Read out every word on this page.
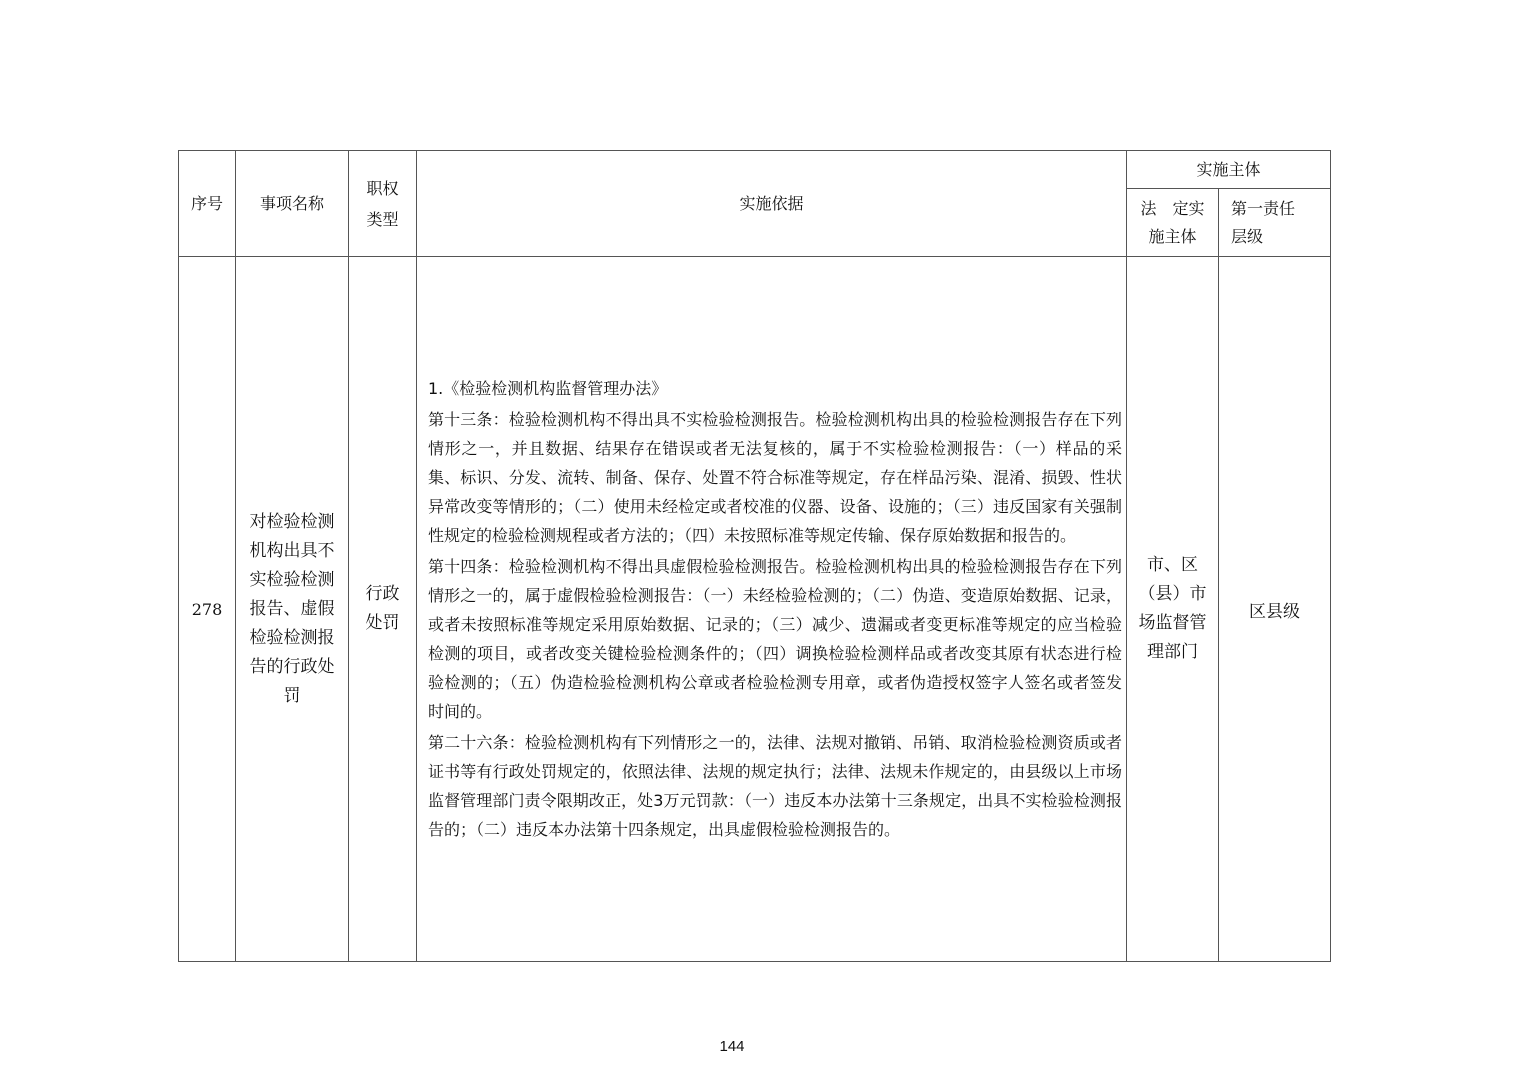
序号	事项名称	职权类型	实施依据	实施主体	
				法　定实施主体	第一责任层级
278	对检验检测机构出具不实检验检测报告、虚假检验检测报告的行政处罚	行政处罚	1.《检验检测机构监督管理办法》

第十三条：检验检测机构不得出具不实检验检测报告。检验检测机构出具的检验检测报告存在下列情形之一，并且数据、结果存在错误或者无法复核的，属于不实检验检测报告：（一）样品的采集、标识、分发、流转、制备、保存、处置不符合标准等规定，存在样品污染、混淆、损毁、性状异常改变等情形的；（二）使用未经检定或者校准的仪器、设备、设施的；（三）违反国家有关强制性规定的检验检测规程或者方法的；（四）未按照标准等规定传输、保存原始数据和报告的。

第十四条：检验检测机构不得出具虚假检验检测报告。检验检测机构出具的检验检测报告存在下列情形之一的，属于虚假检验检测报告：（一）未经检验检测的；（二）伪造、变造原始数据、记录，或者未按照标准等规定采用原始数据、记录的；（三）减少、遗漏或者变更标准等规定的应当检验检测的项目，或者改变关键检验检测条件的；（四）调换检验检测样品或者改变其原有状态进行检验检测的；（五）伪造检验检测机构公章或者检验检测专用章，或者伪造授权签字人签名或者签发时间的。

第二十六条：检验检测机构有下列情形之一的，法律、法规对撤销、吊销、取消检验检测资质或者证书等有行政处罚规定的，依照法律、法规的规定执行；法律、法规未作规定的，由县级以上市场监督管理部门责令限期改正，处3万元罚款：（一）违反本办法第十三条规定，出具不实检验检测报告的；（二）违反本办法第十四条规定，出具虚假检验检测报告的。	市、区（县）市场监督管理部门	区县级
144
